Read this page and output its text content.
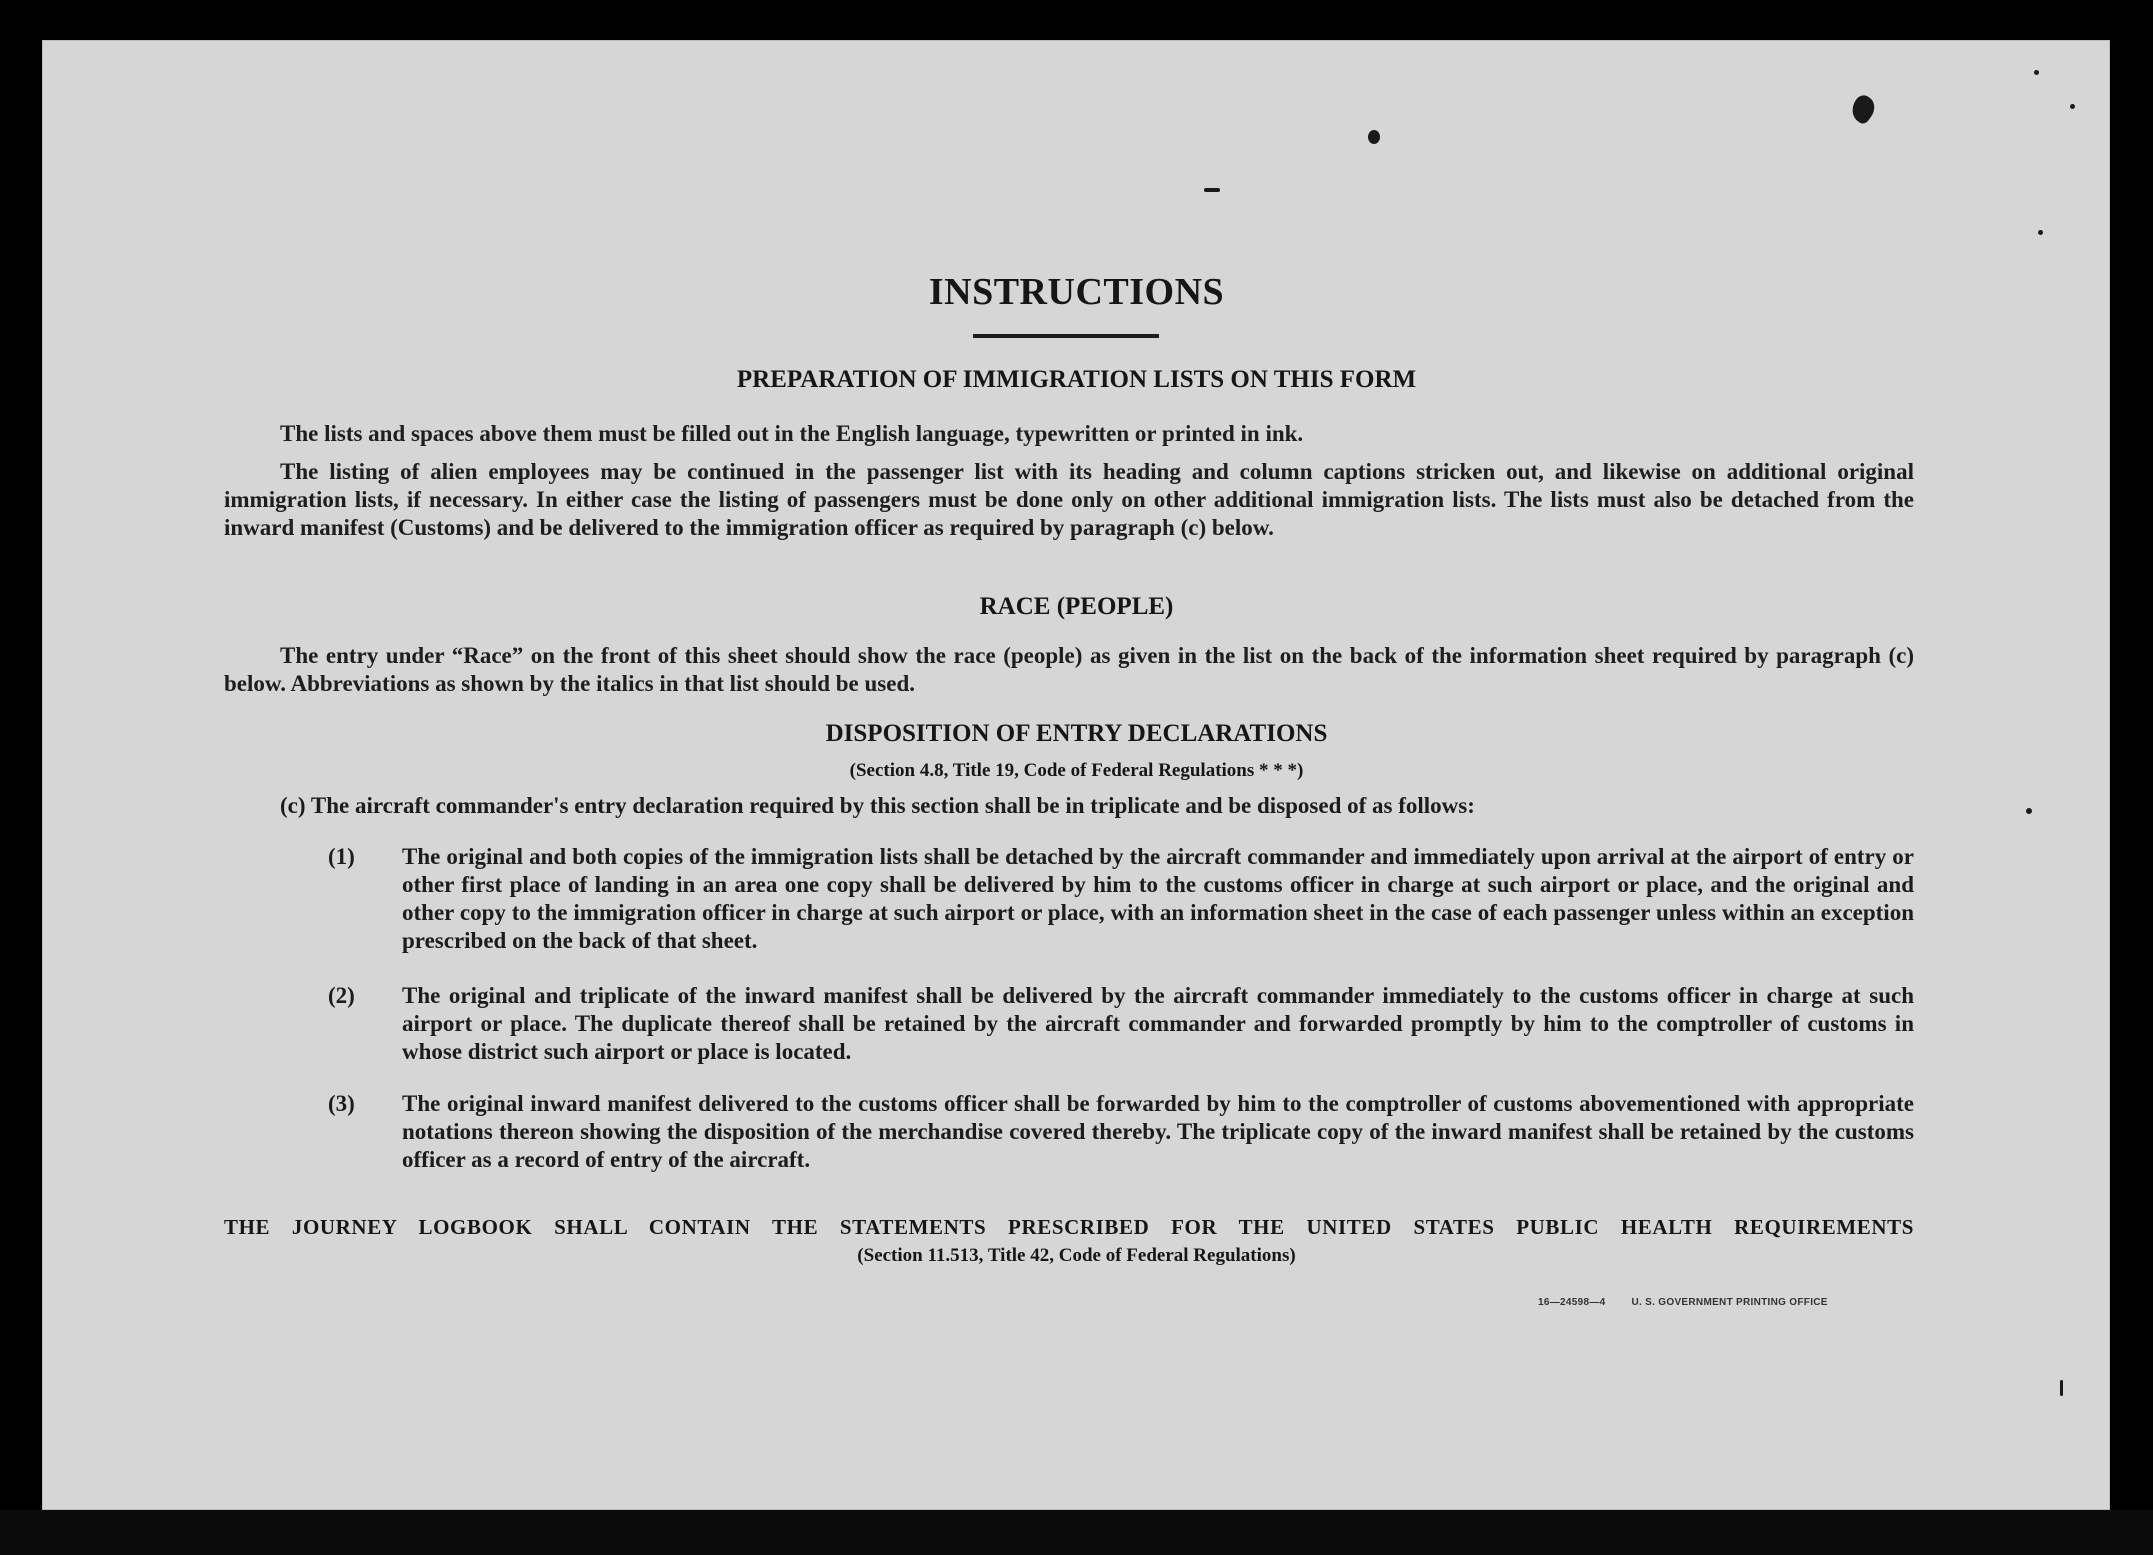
INSTRUCTIONS
PREPARATION OF IMMIGRATION LISTS ON THIS FORM
The lists and spaces above them must be filled out in the English language, typewritten or printed in ink.
The listing of alien employees may be continued in the passenger list with its heading and column captions stricken out, and likewise on additional original immigration lists, if necessary. In either case the listing of passengers must be done only on other additional immigration lists. The lists must also be detached from the inward manifest (Customs) and be delivered to the immigration officer as required by paragraph (c) below.
RACE (PEOPLE)
The entry under “Race” on the front of this sheet should show the race (people) as given in the list on the back of the information sheet required by paragraph (c) below. Abbreviations as shown by the italics in that list should be used.
DISPOSITION OF ENTRY DECLARATIONS
(Section 4.8, Title 19, Code of Federal Regulations * * *)
(c) The aircraft commander's entry declaration required by this section shall be in triplicate and be disposed of as follows:
(1) The original and both copies of the immigration lists shall be detached by the aircraft commander and immediately upon arrival at the airport of entry or other first place of landing in an area one copy shall be delivered by him to the customs officer in charge at such airport or place, and the original and other copy to the immigration officer in charge at such airport or place, with an information sheet in the case of each passenger unless within an exception prescribed on the back of that sheet.
(2) The original and triplicate of the inward manifest shall be delivered by the aircraft commander immediately to the customs officer in charge at such airport or place. The duplicate thereof shall be retained by the aircraft commander and forwarded promptly by him to the comptroller of customs in whose district such airport or place is located.
(3) The original inward manifest delivered to the customs officer shall be forwarded by him to the comptroller of customs abovementioned with appropriate notations thereon showing the disposition of the merchandise covered thereby. The triplicate copy of the inward manifest shall be retained by the customs officer as a record of entry of the aircraft.
THE JOURNEY LOGBOOK SHALL CONTAIN THE STATEMENTS PRESCRIBED FOR THE UNITED STATES PUBLIC HEALTH REQUIREMENTS
(Section 11.513, Title 42, Code of Federal Regulations)
16—24598—4	U. S. GOVERNMENT PRINTING OFFICE
